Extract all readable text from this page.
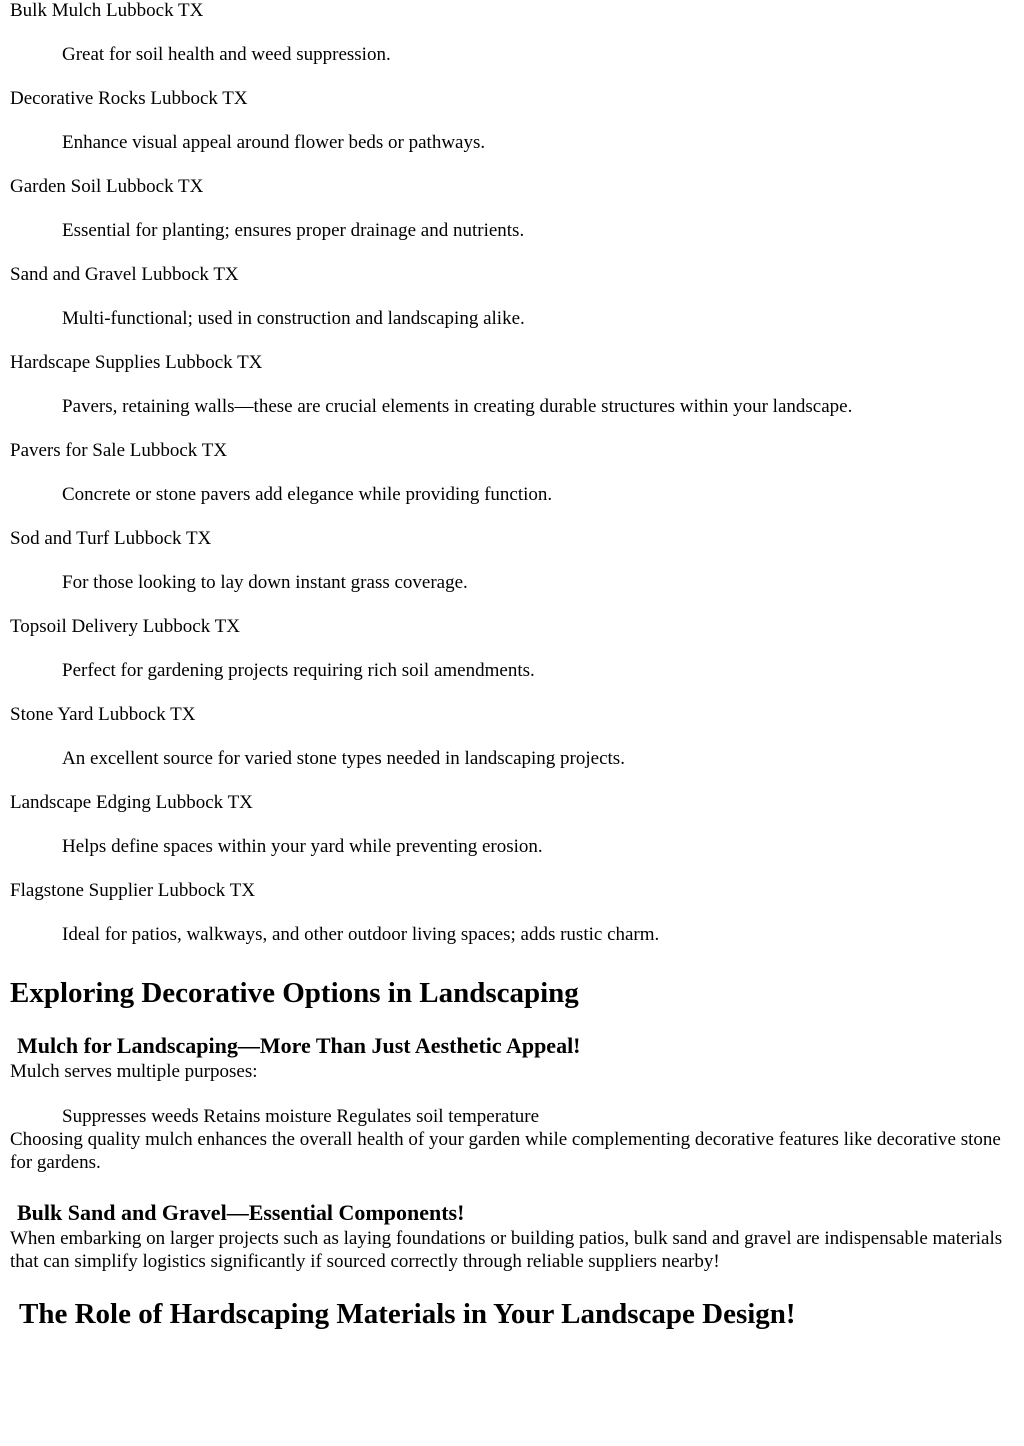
Bulk Mulch Lubbock TX
Great for soil health and weed suppression.
Decorative Rocks Lubbock TX
Enhance visual appeal around flower beds or pathways.
Garden Soil Lubbock TX
Essential for planting; ensures proper drainage and nutrients.
Sand and Gravel Lubbock TX
Multi-functional; used in construction and landscaping alike.
Hardscape Supplies Lubbock TX
Pavers, retaining walls—these are crucial elements in creating durable structures within your landscape.
Pavers for Sale Lubbock TX
Concrete or stone pavers add elegance while providing function.
Sod and Turf Lubbock TX
For those looking to lay down instant grass coverage.
Topsoil Delivery Lubbock TX
Perfect for gardening projects requiring rich soil amendments.
Stone Yard Lubbock TX
An excellent source for varied stone types needed in landscaping projects.
Landscape Edging Lubbock TX
Helps define spaces within your yard while preventing erosion.
Flagstone Supplier Lubbock TX
Ideal for patios, walkways, and other outdoor living spaces; adds rustic charm.
Exploring Decorative Options in Landscaping
Mulch for Landscaping—More Than Just Aesthetic Appeal!

Mulch serves multiple purposes:

Suppresses weeds Retains moisture Regulates soil temperature

Choosing quality mulch enhances the overall health of your garden while complementing decorative features like decorative stone for gardens.

Bulk Sand and Gravel—Essential Components!

When embarking on larger projects such as laying foundations or building patios, bulk sand and gravel are indispensable materials that can simplify logistics significantly if sourced correctly through reliable suppliers nearby!

The Role of Hardscaping Materials in Your Landscape Design!
